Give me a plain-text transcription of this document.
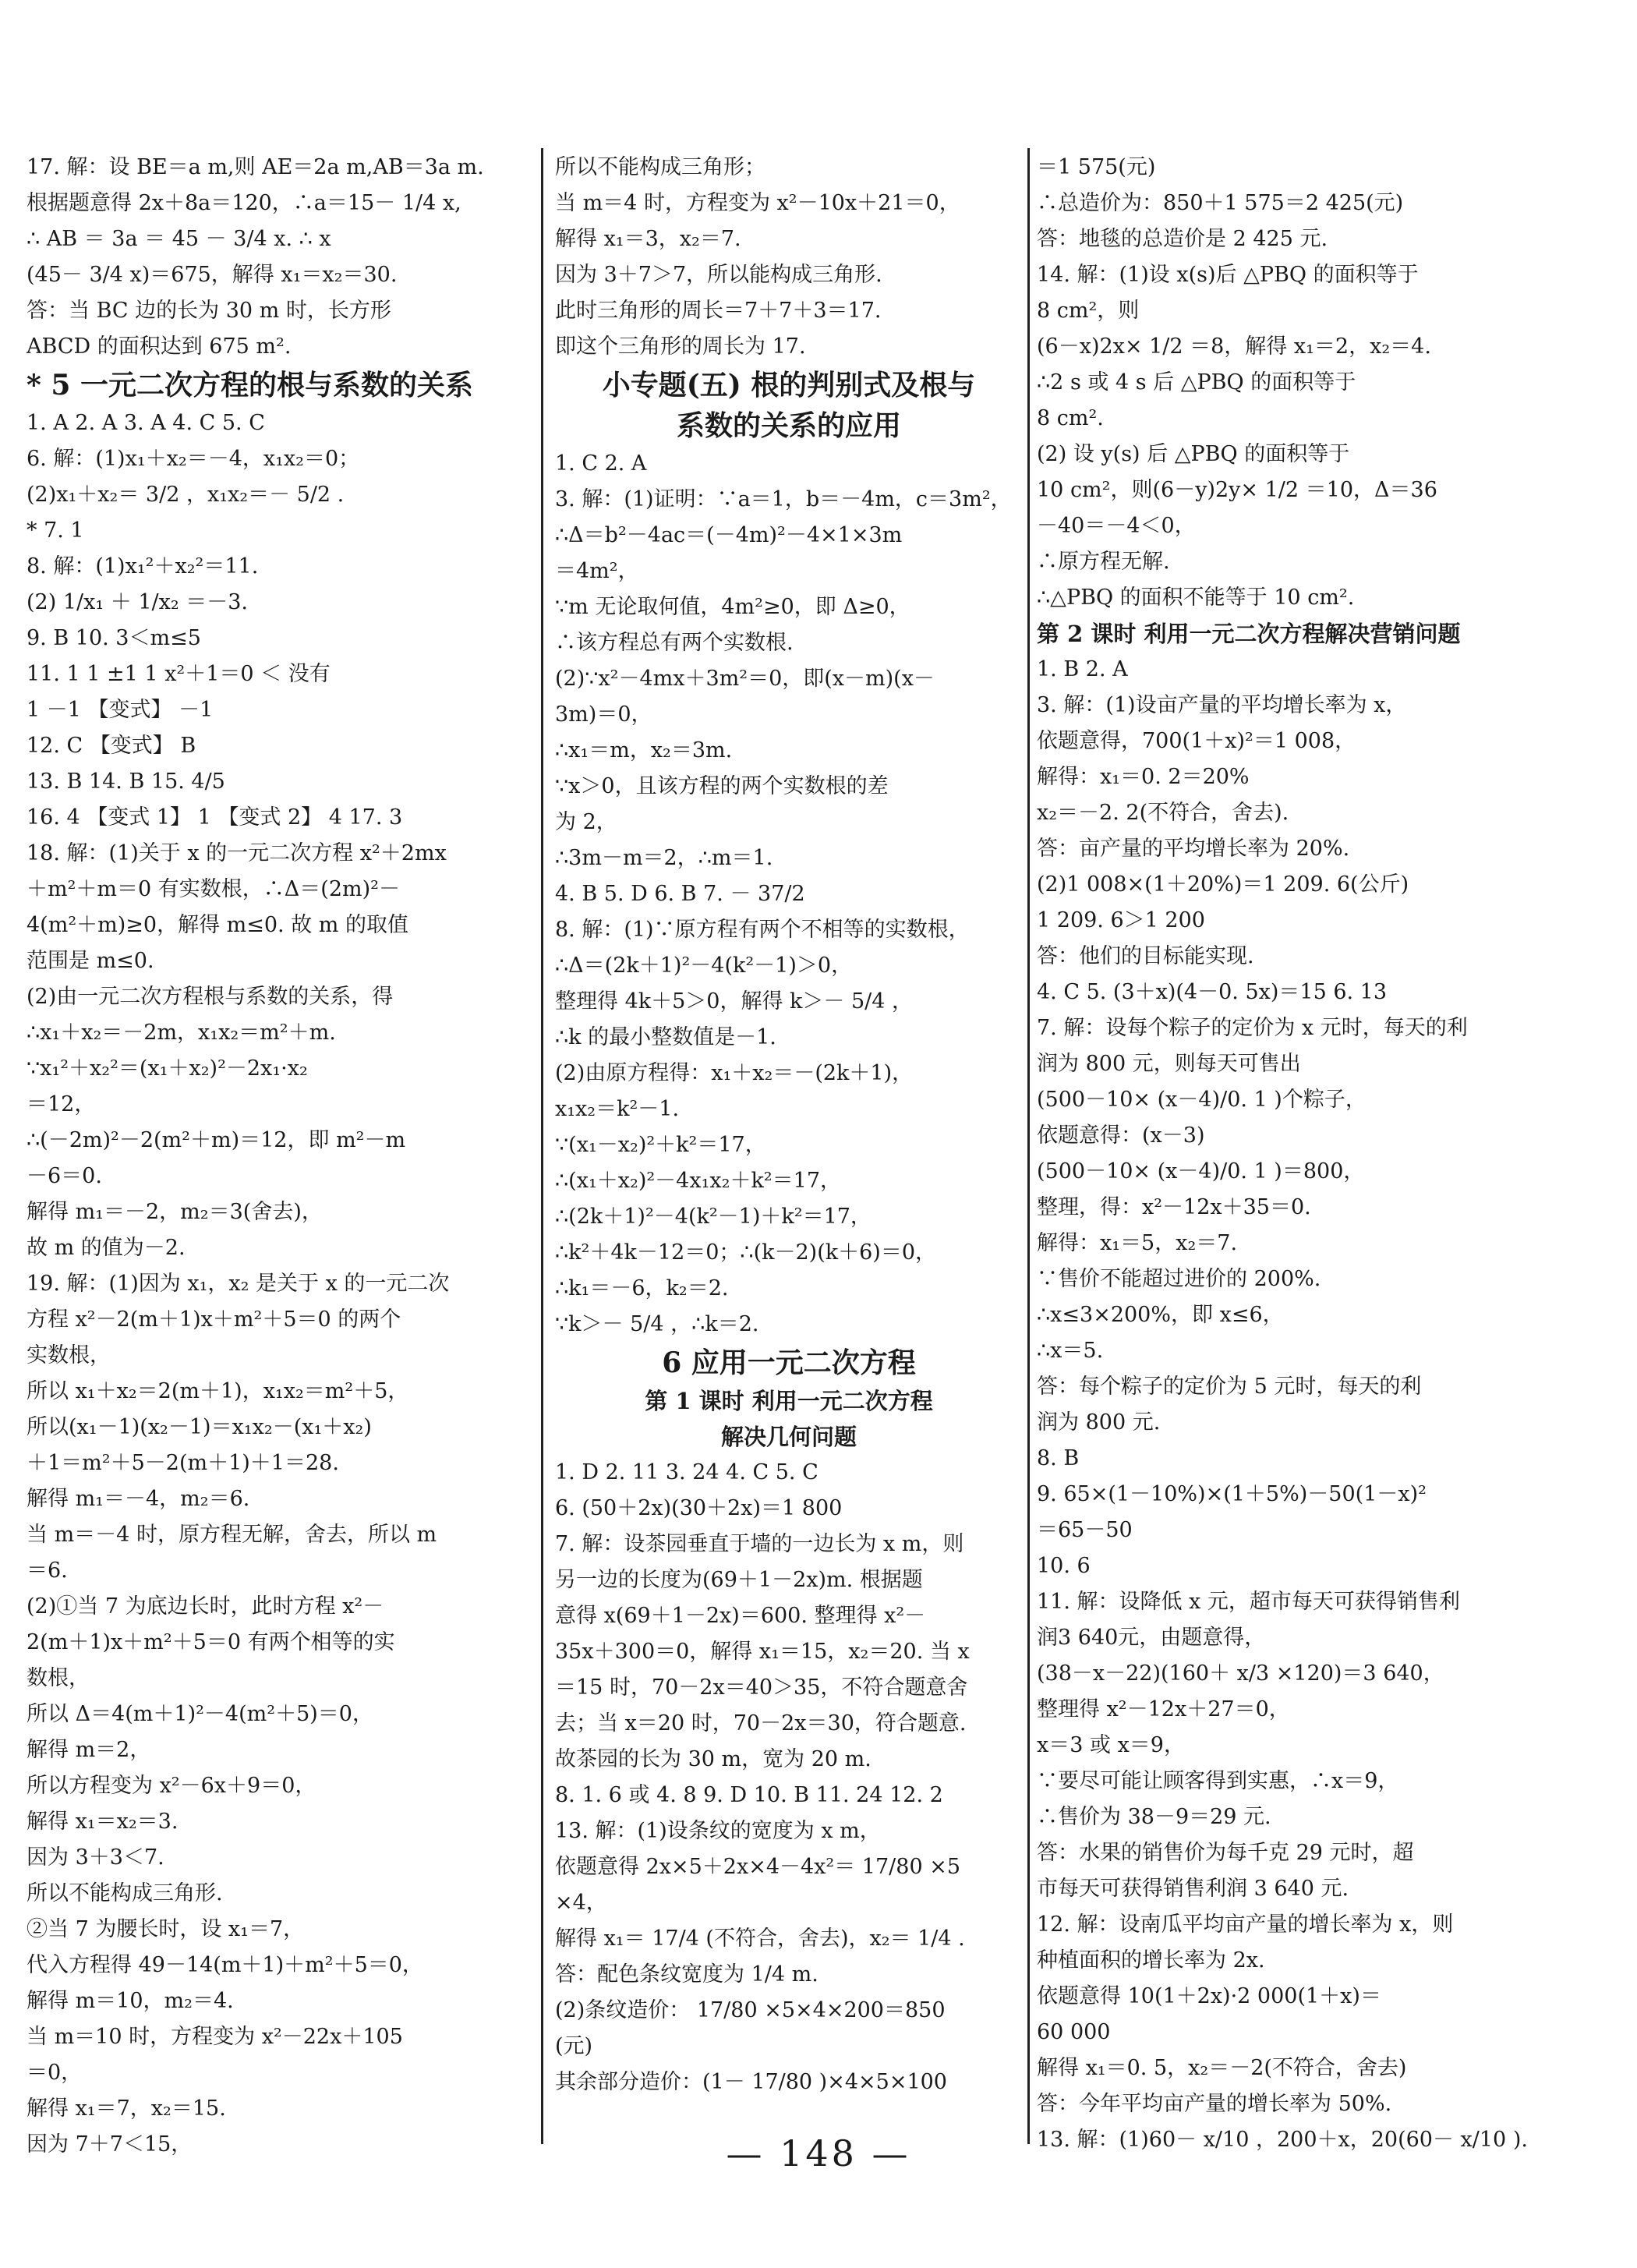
17. 解：设 BE＝a m,则 AE＝2a m,AB＝3a m.
根据题意得 2x＋8a＝120，∴a＝15－ 1/4 x,
∴ AB ＝ 3a ＝ 45 － 3/4 x. ∴ x
(45－ 3/4 x)＝675，解得 x₁＝x₂＝30.
答：当 BC 边的长为 30 m 时，长方形
ABCD 的面积达到 675 m².
* 5 一元二次方程的根与系数的关系
1. A 2. A 3. A 4. C 5. C
6. 解：(1)x₁＋x₂＝－4，x₁x₂＝0；
(2)x₁＋x₂＝ 3/2 ，x₁x₂＝－ 5/2 .
* 7. 1
8. 解：(1)x₁²＋x₂²＝11.
(2) 1/x₁ ＋ 1/x₂ ＝－3.
9. B 10. 3＜m≤5
11. 1 1 ±1 1 x²＋1＝0 ＜ 没有
1 －1 【变式】 －1
12. C 【变式】 B
13. B 14. B 15. 4/5
16. 4 【变式 1】 1 【变式 2】 4 17. 3
18. 解：(1)关于 x 的一元二次方程 x²＋2mx
＋m²＋m＝0 有实数根，∴Δ＝(2m)²－
4(m²＋m)≥0，解得 m≤0. 故 m 的取值
范围是 m≤0.
(2)由一元二次方程根与系数的关系，得
∴x₁＋x₂＝－2m，x₁x₂＝m²＋m.
∵x₁²＋x₂²＝(x₁＋x₂)²－2x₁·x₂
＝12，
∴(－2m)²－2(m²＋m)＝12，即 m²－m
－6＝0.
解得 m₁＝－2，m₂＝3(舍去)，
故 m 的值为－2.
19. 解：(1)因为 x₁，x₂ 是关于 x 的一元二次
方程 x²－2(m＋1)x＋m²＋5＝0 的两个
实数根，
所以 x₁＋x₂＝2(m＋1)，x₁x₂＝m²＋5，
所以(x₁－1)(x₂－1)＝x₁x₂－(x₁＋x₂)
＋1＝m²＋5－2(m＋1)＋1＝28.
解得 m₁＝－4，m₂＝6.
当 m＝－4 时，原方程无解，舍去，所以 m
＝6.
(2)①当 7 为底边长时，此时方程 x²－
2(m＋1)x＋m²＋5＝0 有两个相等的实
数根，
所以 Δ＝4(m＋1)²－4(m²＋5)＝0，
解得 m＝2，
所以方程变为 x²－6x＋9＝0，
解得 x₁＝x₂＝3.
因为 3＋3＜7.
所以不能构成三角形.
②当 7 为腰长时，设 x₁＝7，
代入方程得 49－14(m＋1)＋m²＋5＝0，
解得 m＝10，m₂＝4.
当 m＝10 时，方程变为 x²－22x＋105
＝0，
解得 x₁＝7，x₂＝15.
因为 7＋7＜15，
所以不能构成三角形；
当 m＝4 时，方程变为 x²－10x＋21＝0，
解得 x₁＝3，x₂＝7.
因为 3＋7＞7，所以能构成三角形.
此时三角形的周长＝7＋7＋3＝17.
即这个三角形的周长为 17.
小专题(五) 根的判别式及根与
系数的关系的应用
1. C 2. A
3. 解：(1)证明：∵a＝1，b＝－4m，c＝3m²，
∴Δ＝b²－4ac＝(－4m)²－4×1×3m
＝4m²，
∵m 无论取何值，4m²≥0，即 Δ≥0，
∴该方程总有两个实数根.
(2)∵x²－4mx＋3m²＝0，即(x－m)(x－
3m)＝0，
∴x₁＝m，x₂＝3m.
∵x＞0，且该方程的两个实数根的差
为 2，
∴3m－m＝2，∴m＝1.
4. B 5. D 6. B 7. － 37/2
8. 解：(1)∵原方程有两个不相等的实数根，
∴Δ＝(2k＋1)²－4(k²－1)＞0，
整理得 4k＋5＞0，解得 k＞－ 5/4 ，
∴k 的最小整数值是－1.
(2)由原方程得：x₁＋x₂＝－(2k＋1)，
x₁x₂＝k²－1.
∵(x₁－x₂)²＋k²＝17，
∴(x₁＋x₂)²－4x₁x₂＋k²＝17，
∴(2k＋1)²－4(k²－1)＋k²＝17，
∴k²＋4k－12＝0；∴(k－2)(k＋6)＝0，
∴k₁＝－6，k₂＝2.
∵k＞－ 5/4 ，∴k＝2.
6 应用一元二次方程
第 1 课时 利用一元二次方程
解决几何问题
1. D 2. 11 3. 24 4. C 5. C
6. (50＋2x)(30＋2x)＝1 800
7. 解：设茶园垂直于墙的一边长为 x m，则
另一边的长度为(69＋1－2x)m. 根据题
意得 x(69＋1－2x)＝600. 整理得 x²－
35x＋300＝0，解得 x₁＝15，x₂＝20. 当 x
＝15 时，70－2x＝40＞35，不符合题意舍
去；当 x＝20 时，70－2x＝30，符合题意.
故茶园的长为 30 m，宽为 20 m.
8. 1. 6 或 4. 8 9. D 10. B 11. 24 12. 2
13. 解：(1)设条纹的宽度为 x m，
依题意得 2x×5＋2x×4－4x²＝ 17/80 ×5
×4，
解得 x₁＝ 17/4 (不符合，舍去)，x₂＝ 1/4 .
答：配色条纹宽度为 1/4 m.
(2)条纹造价： 17/80 ×5×4×200＝850
(元)
其余部分造价：(1－ 17/80 )×4×5×100
＝1 575(元)
∴总造价为：850＋1 575＝2 425(元)
答：地毯的总造价是 2 425 元.
14. 解：(1)设 x(s)后 △PBQ 的面积等于
8 cm²，则
(6－x)2x× 1/2 ＝8，解得 x₁＝2，x₂＝4.
∴2 s 或 4 s 后 △PBQ 的面积等于
8 cm².
(2) 设 y(s) 后 △PBQ 的面积等于
10 cm²，则(6－y)2y× 1/2 ＝10，Δ＝36
－40＝－4＜0，
∴原方程无解.
∴△PBQ 的面积不能等于 10 cm².
第 2 课时 利用一元二次方程解决营销问题
1. B 2. A
3. 解：(1)设亩产量的平均增长率为 x，
依题意得，700(1＋x)²＝1 008，
解得：x₁＝0. 2＝20%
x₂＝－2. 2(不符合，舍去).
答：亩产量的平均增长率为 20%.
(2)1 008×(1＋20%)＝1 209. 6(公斤)
1 209. 6＞1 200
答：他们的目标能实现.
4. C 5. (3＋x)(4－0. 5x)＝15 6. 13
7. 解：设每个粽子的定价为 x 元时，每天的利
润为 800 元，则每天可售出
(500－10× (x－4)/0. 1 )个粽子，
依题意得：(x－3)
(500－10× (x－4)/0. 1 )＝800，
整理，得：x²－12x＋35＝0.
解得：x₁＝5，x₂＝7.
∵售价不能超过进价的 200%.
∴x≤3×200%，即 x≤6，
∴x＝5.
答：每个粽子的定价为 5 元时，每天的利
润为 800 元.
8. B
9. 65×(1－10%)×(1＋5%)－50(1－x)²
＝65－50
10. 6
11. 解：设降低 x 元，超市每天可获得销售利
润3 640元，由题意得，
(38－x－22)(160＋ x/3 ×120)＝3 640，
整理得 x²－12x＋27＝0，
x＝3 或 x＝9，
∵要尽可能让顾客得到实惠，∴x＝9，
∴售价为 38－9＝29 元.
答：水果的销售价为每千克 29 元时，超
市每天可获得销售利润 3 640 元.
12. 解：设南瓜平均亩产量的增长率为 x，则
种植面积的增长率为 2x.
依题意得 10(1＋2x)·2 000(1＋x)＝
60 000
解得 x₁＝0. 5，x₂＝－2(不符合，舍去)
答：今年平均亩产量的增长率为 50%.
13. 解：(1)60－ x/10 ，200＋x，20(60－ x/10 ).
— 148 —
